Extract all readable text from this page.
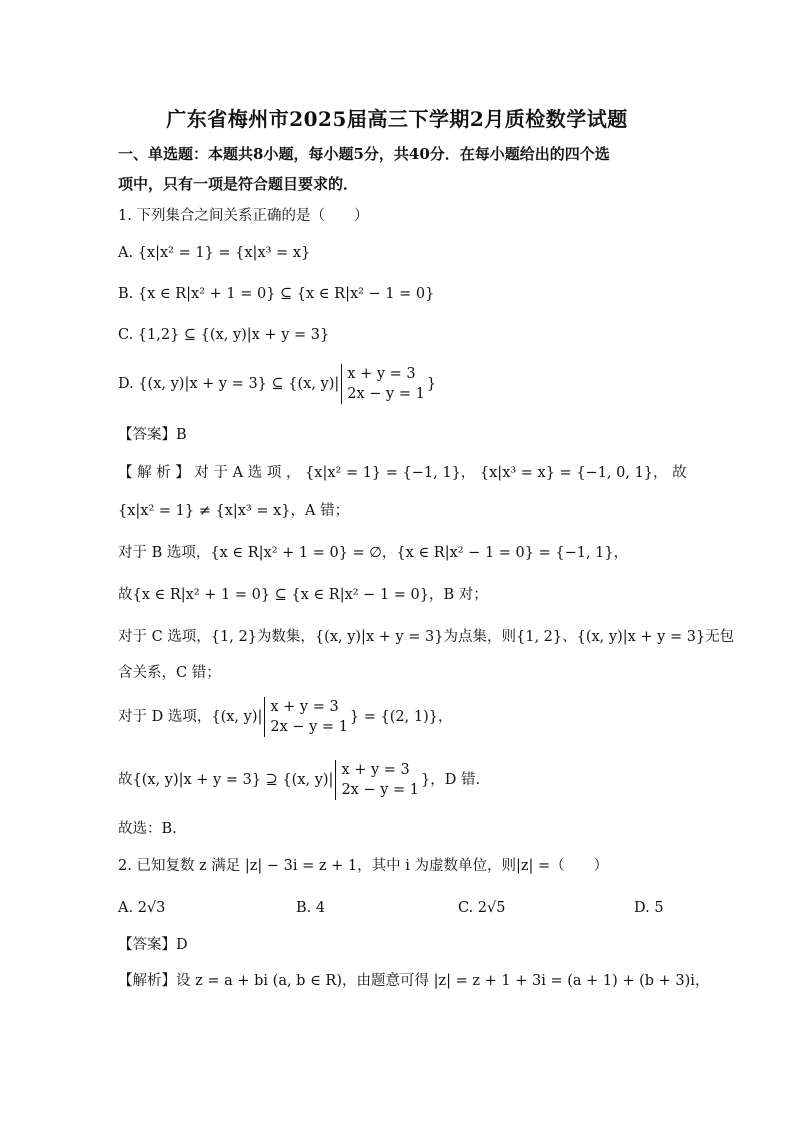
广东省梅州市2025届高三下学期2月质检数学试题
一、单选题：本题共8小题，每小题5分，共40分．在每小题给出的四个选
项中，只有一项是符合题目要求的．
1. 下列集合之间关系正确的是（　　）
A. {x|x² = 1} = {x|x³ = x}
B. {x ∈ R|x² + 1 = 0} ⊆ {x ∈ R|x² − 1 = 0}
C. {1,2} ⊆ {(x, y)|x + y = 3}
D. {(x, y)|x + y = 3} ⊆ {(x, y)|x + y = 3
2x − y = 1}
【答案】B
【 解 析 】 对 于 A 选 项 ， {x|x² = 1} = {−1, 1}， {x|x³ = x} = {−1, 0, 1}， 故
{x|x² = 1} ≠ {x|x³ = x}，A 错；
对于 B 选项，{x ∈ R|x² + 1 = 0} = ∅，{x ∈ R|x² − 1 = 0} = {−1, 1}，
故{x ∈ R|x² + 1 = 0} ⊆ {x ∈ R|x² − 1 = 0}，B 对；
对于 C 选项，{1, 2}为数集，{(x, y)|x + y = 3}为点集，则{1, 2}、{(x, y)|x + y = 3}无包
含关系，C 错；
对于 D 选项，{(x, y)|x + y = 3
2x − y = 1} = {(2, 1)}，
故{(x, y)|x + y = 3} ⊇ {(x, y)|x + y = 3
2x − y = 1}，D 错.
故选：B.
2. 已知复数 z 满足 |z| − 3i = z + 1，其中 i 为虚数单位，则|z| =（　　）
A. 2√3	B. 4	C. 2√5	D. 5
【答案】D
【解析】设 z = a + bi (a, b ∈ R)，由题意可得 |z| = z + 1 + 3i = (a + 1) + (b + 3)i，
